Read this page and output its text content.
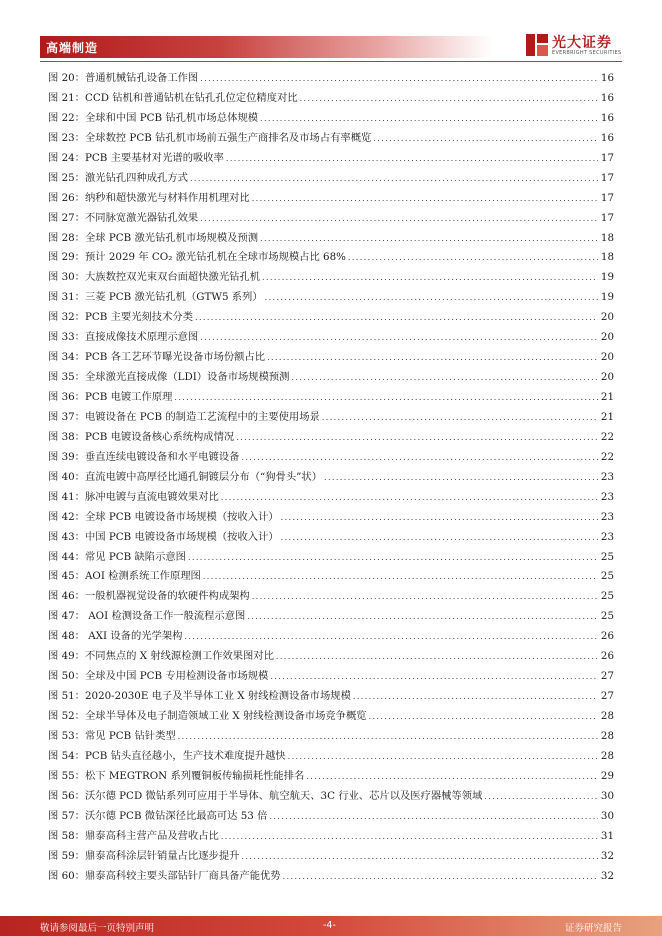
高端制造	光大证券
EVERBRIGHT SECURITIES
图 20：普通机械钻孔设备工作图 .....	16
图 21：CCD 钻机和普通钻机在钻孔孔位定位精度对比 .....	16
图 22：全球和中国 PCB 钻孔机市场总体规模 .....	16
图 23：全球数控 PCB 钻孔机市场前五强生产商排名及市场占有率概览 .....	16
图 24：PCB 主要基材对光谱的吸收率 .....	17
图 25：激光钻孔四种成孔方式 .....	17
图 26：纳秒和超快激光与材料作用机理对比 .....	17
图 27：不同脉宽激光器钻孔效果 .....	17
图 28：全球 PCB 激光钻孔机市场规模及预测 .....	18
图 29：预计 2029 年 CO₂ 激光钻孔机在全球市场规模占比 68% .....	18
图 30：大族数控双光束双台面超快激光钻孔机 .....	19
图 31：三菱 PCB 激光钻孔机（GTW5 系列） .....	19
图 32：PCB 主要光刻技术分类 .....	20
图 33：直接成像技术原理示意图 .....	20
图 34：PCB 各工艺环节曝光设备市场份额占比 .....	20
图 35：全球激光直接成像（LDI）设备市场规模预测 .....	20
图 36：PCB 电镀工作原理 .....	21
图 37：电镀设备在 PCB 的制造工艺流程中的主要使用场景 .....	21
图 38：PCB 电镀设备核心系统构成情况 .....	22
图 39：垂直连续电镀设备和水平电镀设备 .....	22
图 40：直流电镀中高厚径比通孔铜镀层分布（“狗骨头”状） .....	23
图 41：脉冲电镀与直流电镀效果对比 .....	23
图 42：全球 PCB 电镀设备市场规模（按收入计） .....	23
图 43：中国 PCB 电镀设备市场规模（按收入计） .....	23
图 44：常见 PCB 缺陷示意图 .....	25
图 45：AOI 检测系统工作原理图 .....	25
图 46：一般机器视觉设备的软硬件构成架构 .....	25
图 47： AOI 检测设备工作一般流程示意图 .....	25
图 48： AXI 设备的光学架构 .....	26
图 49：不同焦点的 X 射线源检测工作效果图对比 .....	26
图 50：全球及中国 PCB 专用检测设备市场规模 .....	27
图 51：2020-2030E 电子及半导体工业 X 射线检测设备市场规模 .....	27
图 52：全球半导体及电子制造领域工业 X 射线检测设备市场竞争概览 .....	28
图 53：常见 PCB 钻针类型 .....	28
图 54：PCB 钻头直径越小，生产技术难度提升越快 .....	28
图 55：松下 MEGTRON 系列覆铜板传输损耗性能排名 .....	29
图 56：沃尔德 PCD 微钻系列可应用于半导体、航空航天、3C 行业、芯片以及医疗器械等领域 .....	30
图 57：沃尔德 PCB 微钻深径比最高可达 53 倍 .....	30
图 58：鼎泰高科主营产品及营收占比 .....	31
图 59：鼎泰高科涂层针销量占比逐步提升 .....	32
图 60：鼎泰高科较主要头部钻针厂商具备产能优势 .....	32
敬请参阅最后一页特别声明	-4-	证券研究报告
